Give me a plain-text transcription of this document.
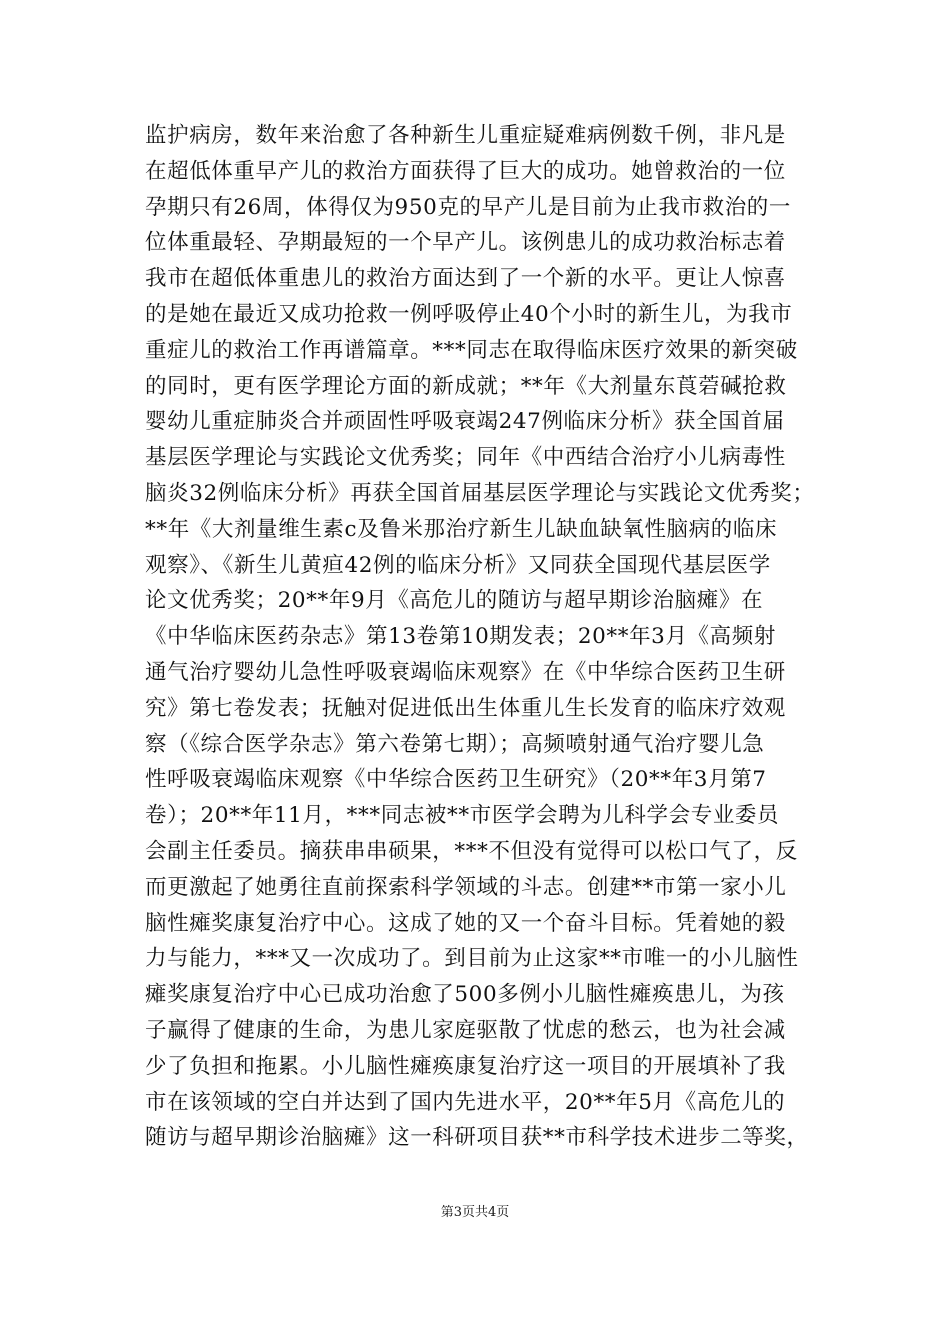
监护病房，数年来治愈了各种新生儿重症疑难病例数千例，非凡是
在超低体重早产儿的救治方面获得了巨大的成功。她曾救治的一位
孕期只有26周，体得仅为950克的早产儿是目前为止我市救治的一
位体重最轻、孕期最短的一个早产儿。该例患儿的成功救治标志着
我市在超低体重患儿的救治方面达到了一个新的水平。更让人惊喜
的是她在最近又成功抢救一例呼吸停止40个小时的新生儿，为我市
重症儿的救治工作再谱篇章。***同志在取得临床医疗效果的新突破
的同时，更有医学理论方面的新成就；**年《大剂量东莨菪碱抢救
婴幼儿重症肺炎合并顽固性呼吸衰竭247例临床分析》获全国首届
基层医学理论与实践论文优秀奖；同年《中西结合治疗小儿病毒性
脑炎32例临床分析》再获全国首届基层医学理论与实践论文优秀奖；
**年《大剂量维生素c及鲁米那治疗新生儿缺血缺氧性脑病的临床
观察》、《新生儿黄疸42例的临床分析》又同获全国现代基层医学
论文优秀奖；20**年9月《高危儿的随访与超早期诊治脑瘫》在
《中华临床医药杂志》第13卷第10期发表；20**年3月《高频射
通气治疗婴幼儿急性呼吸衰竭临床观察》在《中华综合医药卫生研
究》第七卷发表；抚触对促进低出生体重儿生长发育的临床疗效观
察（《综合医学杂志》第六卷第七期）；高频喷射通气治疗婴儿急
性呼吸衰竭临床观察《中华综合医药卫生研究》（20**年3月第7
卷）；20**年11月，***同志被**市医学会聘为儿科学会专业委员
会副主任委员。摘获串串硕果，***不但没有觉得可以松口气了，反
而更激起了她勇往直前探索科学领域的斗志。创建**市第一家小儿
脑性瘫奖康复治疗中心。这成了她的又一个奋斗目标。凭着她的毅
力与能力，***又一次成功了。到目前为止这家**市唯一的小儿脑性
瘫奖康复治疗中心已成功治愈了500多例小儿脑性瘫痪患儿，为孩
子赢得了健康的生命，为患儿家庭驱散了忧虑的愁云，也为社会减
少了负担和拖累。小儿脑性瘫痪康复治疗这一项目的开展填补了我
市在该领域的空白并达到了国内先进水平，20**年5月《高危儿的
随访与超早期诊治脑瘫》这一科研项目获**市科学技术进步二等奖，
第3页共4页
